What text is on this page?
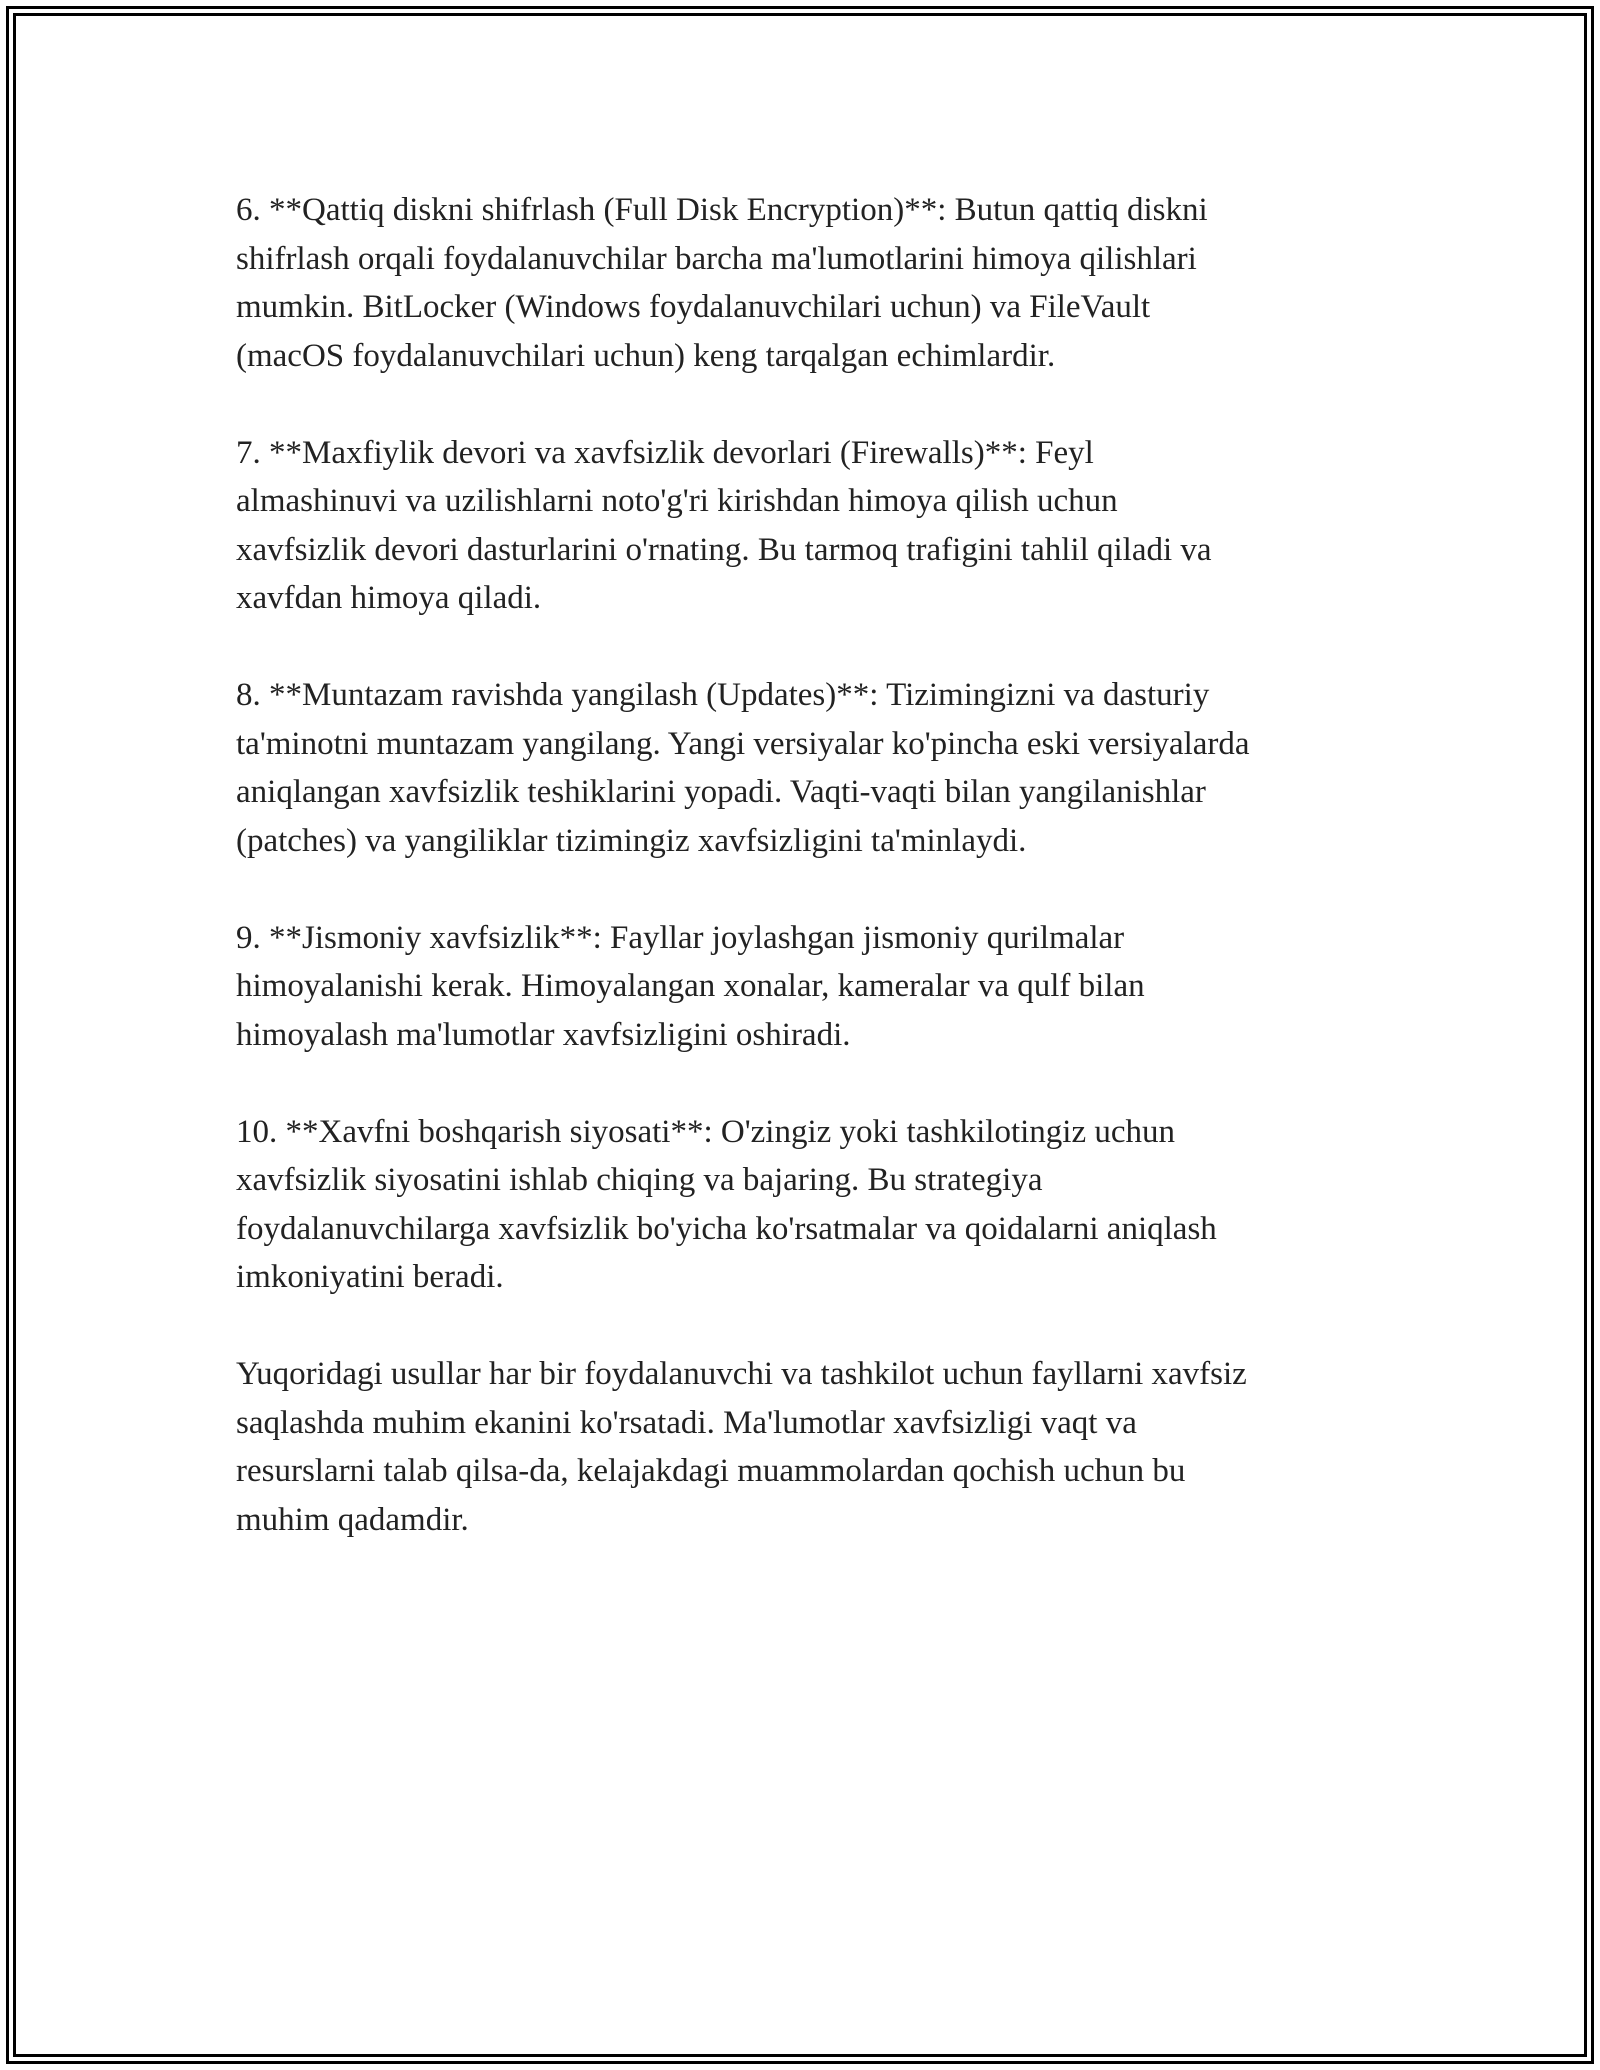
6. **Qattiq diskni shifrlash (Full Disk Encryption)**: Butun qattiq diskni
shifrlash orqali foydalanuvchilar barcha ma'lumotlarini himoya qilishlari
mumkin. BitLocker (Windows foydalanuvchilari uchun) va FileVault
(macOS foydalanuvchilari uchun) keng tarqalgan echimlardir.

7. **Maxfiylik devori va xavfsizlik devorlari (Firewalls)**: Feyl
almashinuvi va uzilishlarni noto'g'ri kirishdan himoya qilish uchun
xavfsizlik devori dasturlarini o'rnating. Bu tarmoq trafigini tahlil qiladi va
xavfdan himoya qiladi.

8. **Muntazam ravishda yangilash (Updates)**: Tizimingizni va dasturiy
ta'minotni muntazam yangilang. Yangi versiyalar ko'pincha eski versiyalarda
aniqlangan xavfsizlik teshiklarini yopadi. Vaqti-vaqti bilan yangilanishlar
(patches) va yangiliklar tizimingiz xavfsizligini ta'minlaydi.

9. **Jismoniy xavfsizlik**: Fayllar joylashgan jismoniy qurilmalar
himoyalanishi kerak. Himoyalangan xonalar, kameralar va qulf bilan
himoyalash ma'lumotlar xavfsizligini oshiradi.

10. **Xavfni boshqarish siyosati**: O'zingiz yoki tashkilotingiz uchun
xavfsizlik siyosatini ishlab chiqing va bajaring. Bu strategiya
foydalanuvchilarga xavfsizlik bo'yicha ko'rsatmalar va qoidalarni aniqlash
imkoniyatini beradi.

Yuqoridagi usullar har bir foydalanuvchi va tashkilot uchun fayllarni xavfsiz
saqlashda muhim ekanini ko'rsatadi. Ma'lumotlar xavfsizligi vaqt va
resurslarni talab qilsa-da, kelajakdagi muammolardan qochish uchun bu
muhim qadamdir.
